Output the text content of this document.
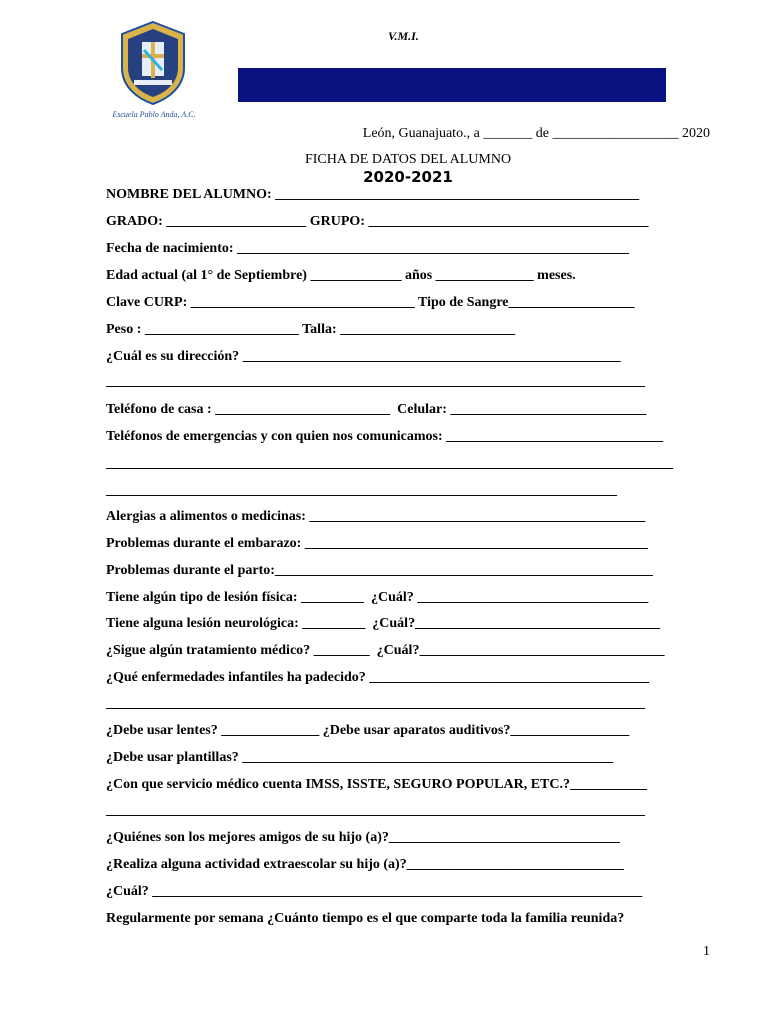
Escuela Pablo Anda, A.C.
V.M.I.
León, Guanajuato., a _______ de __________________ 2020
FICHA DE DATOS DEL ALUMNO
2020-2021

NOMBRE DEL ALUMNO: ____________________________________________________

GRADO: ____________________ GRUPO: ________________________________________

Fecha de nacimiento: ________________________________________________________

Edad actual (al 1° de Septiembre) _____________ años ______________ meses.

Clave CURP: ________________________________ Tipo de Sangre__________________

Peso : ______________________ Talla: _________________________

¿Cuál es su dirección? ______________________________________________________

_____________________________________________________________________________

Teléfono de casa : _________________________  Celular: ____________________________

Teléfonos de emergencias y con quien nos comunicamos: _______________________________

_________________________________________________________________________________

_________________________________________________________________________

Alergias a alimentos o medicinas: ________________________________________________

Problemas durante el embarazo: _________________________________________________

Problemas durante el parto:______________________________________________________

Tiene algún tipo de lesión física: _________  ¿Cuál? _________________________________

Tiene alguna lesión neurológica: _________  ¿Cuál?___________________________________

¿Sigue algún tratamiento médico? ________  ¿Cuál?___________________________________

¿Qué enfermedades infantiles ha padecido? ________________________________________

_____________________________________________________________________________

¿Debe usar lentes? ______________ ¿Debe usar aparatos auditivos?_________________

¿Debe usar plantillas? _____________________________________________________

¿Con que servicio médico cuenta IMSS, ISSTE, SEGURO POPULAR, ETC.?___________

_____________________________________________________________________________

¿Quiénes son los mejores amigos de su hijo (a)?_________________________________

¿Realiza alguna actividad extraescolar su hijo (a)?_______________________________

¿Cuál? ______________________________________________________________________

Regularmente por semana ¿Cuánto tiempo es el que comparte toda la familia reunida?

1
